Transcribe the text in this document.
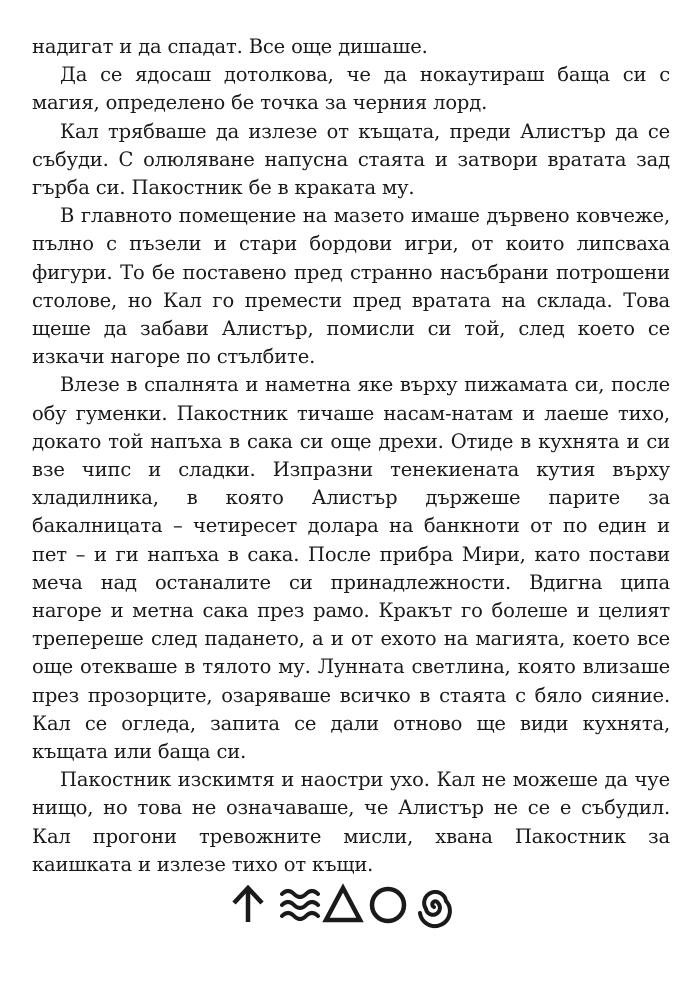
надигат и да спадат. Все още дишаше.

Да се ядосаш дотолкова, че да нокаутираш баща си с магия, определено бе точка за черния лорд.

Кал трябваше да излезе от къщата, преди Алистър да се събуди. С олюляване напусна стаята и затвори вратата зад гърба си. Пакостник бе в краката му.

В главното помещение на мазето имаше дървено ковчеже, пълно с пъзели и стари бордови игри, от които липсваха фигури. То бе поставено пред странно насъбрани потрошени столове, но Кал го премести пред вратата на склада. Това щеше да забави Алистър, помисли си той, след което се изкачи нагоре по стълбите.

Влезе в спалнята и наметна яке върху пижамата си, после обу гуменки. Пакостник тичаше насам-натам и лаеше тихо, докато той напъха в сака си още дрехи. Отиде в кухнята и си взе чипс и сладки. Изпразни тенекиената кутия върху хладилника, в която Алистър държеше парите за бакалницата – четиресет долара на банкноти от по един и пет – и ги напъха в сака. После прибра Мири, като постави меча над останалите си принадлежности. Вдигна ципа нагоре и метна сака през рамо. Кракът го болеше и целият трепереше след падането, а и от ехото на магията, което все още отекваше в тялото му. Лунната светлина, която влизаше през прозорците, озаряваше всичко в стаята с бяло сияние. Кал се огледа, запита се дали отново ще види кухнята, къщата или баща си.

Пакостник изскимтя и наостри ухо. Кал не можеше да чуе нищо, но това не означаваше, че Алистър не се е събудил. Кал прогони тревожните мисли, хвана Пакостник за каишката и излезе тихо от къщи.
